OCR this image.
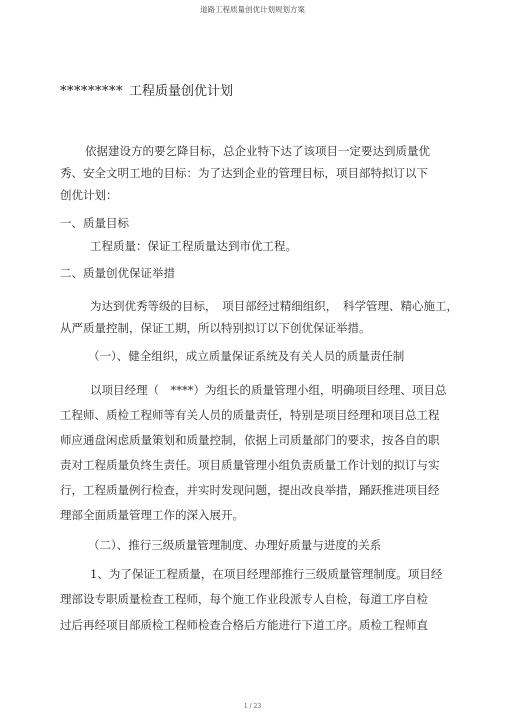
道路工程质量创优计划规划方案
********* 工程质量创优计划
依据建设方的要乞降目标，总企业特下达了该项目一定要达到质量优
秀、安全文明工地的目标：为了达到企业的管理目标，项目部特拟订以下
创优计划：
一、质量目标
工程质量：保证工程质量达到市优工程。
二、质量创优保证举措
为达到优秀等级的目标，　项目部经过精细组织，　科学管理、精心施工，
从严质量控制，保证工期，所以特别拟订以下创优保证举措。
（一）、健全组织，成立质量保证系统及有关人员的质量责任制
以项目经理（　****）为组长的质量管理小组，明确项目经理、项目总
工程师、质检工程师等有关人员的质量责任，特别是项目经理和项目总工程
师应通盘闲虑质量策划和质量控制，依据上司质量部门的要求，按各自的职
责对工程质量负终生责任。项目质量管理小组负责质量工作计划的拟订与实
行，工程质量例行检查，并实时发现问题，提出改良举措，踊跃推进项目经
理部全面质量管理工作的深入展开。
（二）、推行三级质量管理制度、办理好质量与进度的关系
1、为了保证工程质量，在项目经理部推行三级质量管理制度。项目经
理部设专职质量检查工程师，每个施工作业段派专人自检，每道工序自检
过后再经项目部质检工程师检查合格后方能进行下道工序。质检工程师直
1 / 23
